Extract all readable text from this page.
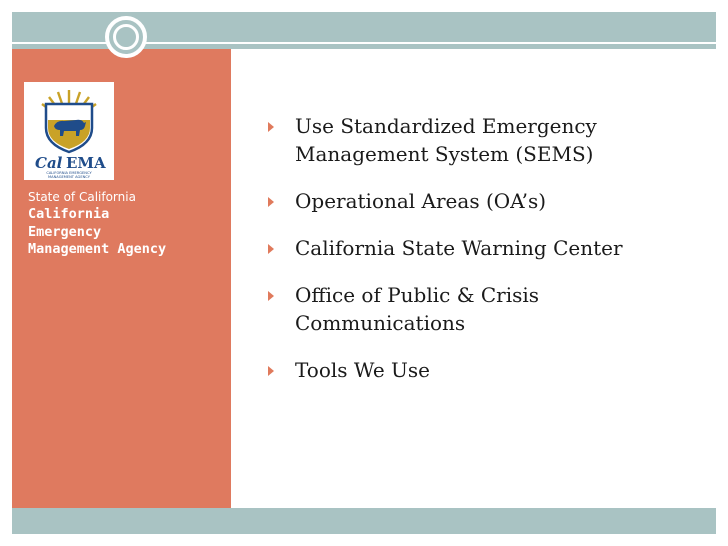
Cal EMA
CALIFORNIA EMERGENCY
MANAGEMENT AGENCY
State of California
California
Emergency
Management Agency
Use Standardized Emergency
Management System (SEMS)
Operational Areas (OA’s)
California State Warning Center
Office of Public & Crisis
Communications
Tools We Use
